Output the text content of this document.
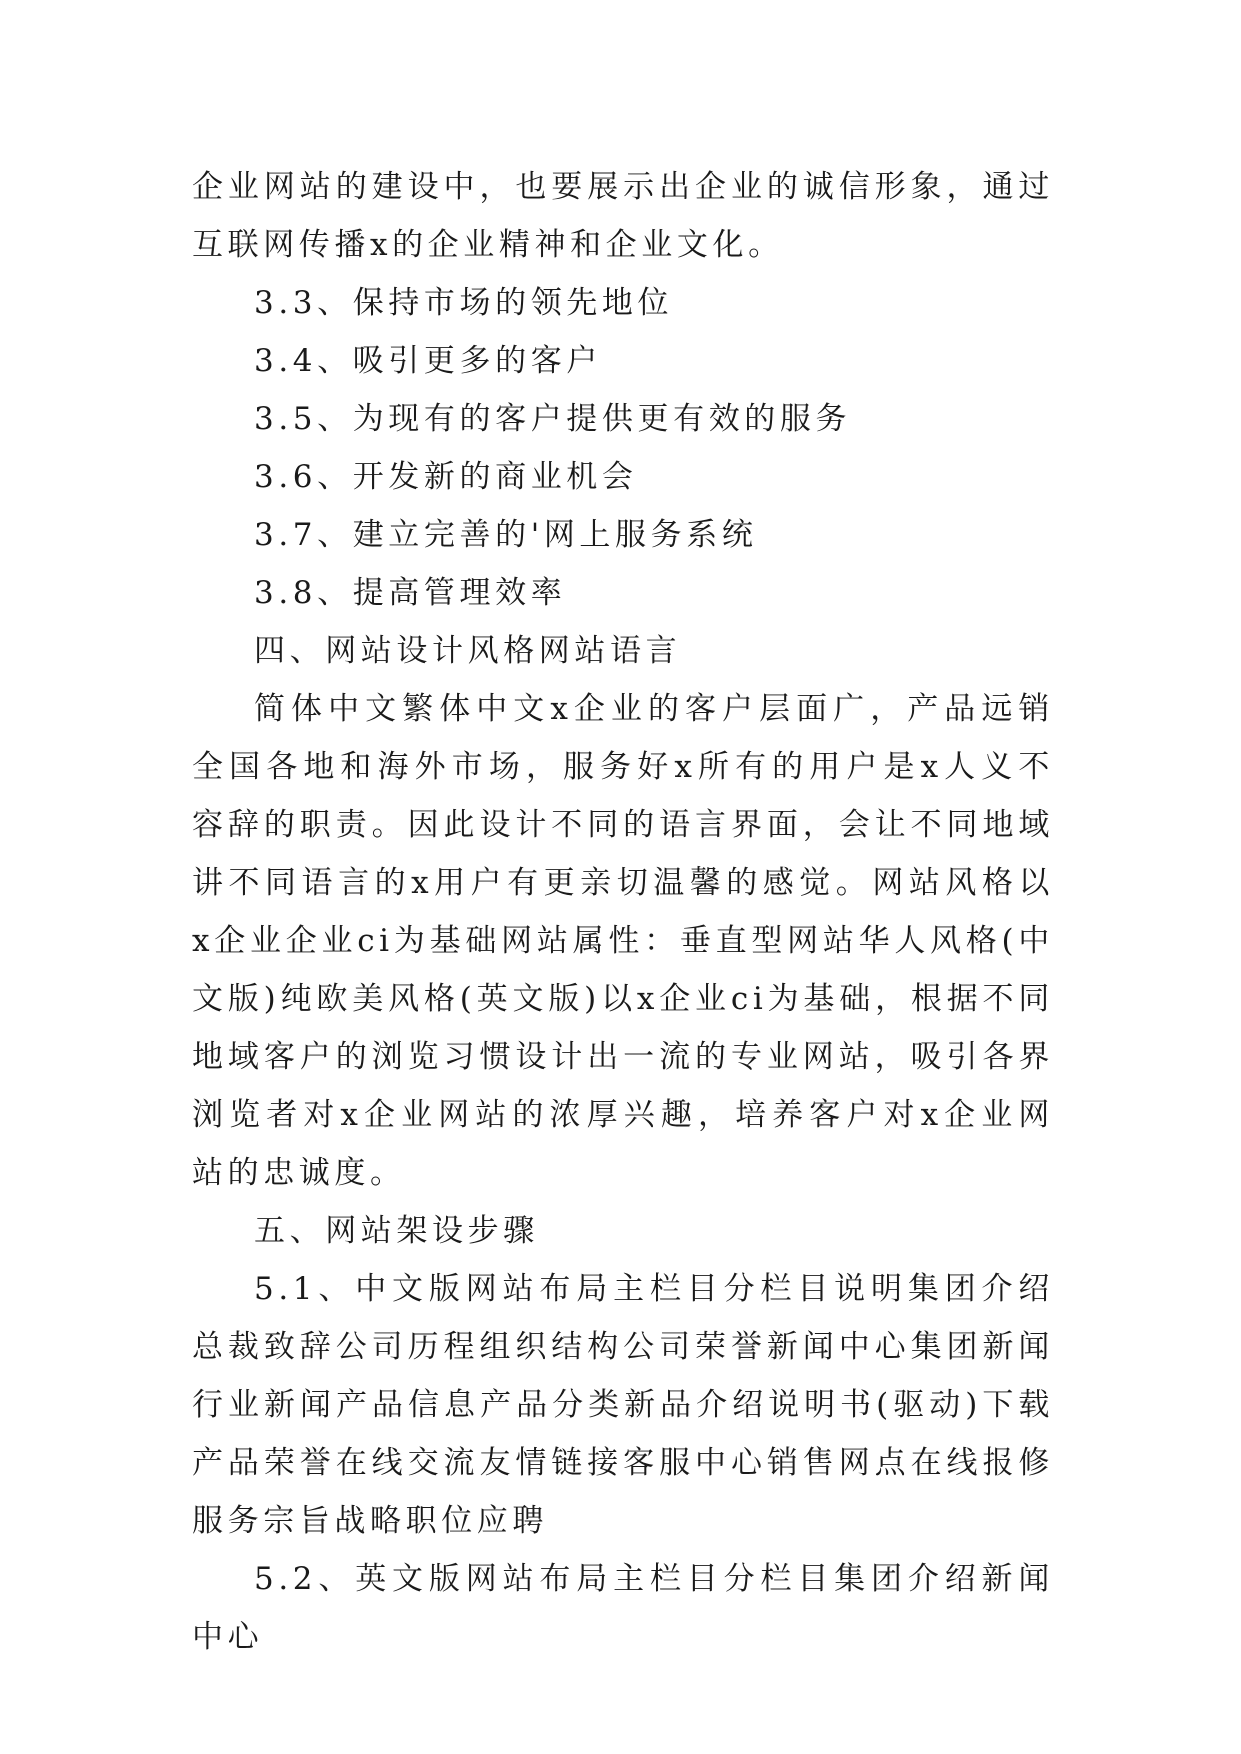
企业网站的建设中，也要展示出企业的诚信形象，通过互联网传播x的企业精神和企业文化。

3.3、保持市场的领先地位

3.4、吸引更多的客户

3.5、为现有的客户提供更有效的服务

3.6、开发新的商业机会

3.7、建立完善的'网上服务系统

3.8、提高管理效率

四、网站设计风格网站语言

简体中文繁体中文x企业的客户层面广，产品远销全国各地和海外市场，服务好x所有的用户是x人义不容辞的职责。因此设计不同的语言界面，会让不同地域讲不同语言的x用户有更亲切温馨的感觉。网站风格以x企业企业ci为基础网站属性：垂直型网站华人风格(中文版)纯欧美风格(英文版)以x企业ci为基础，根据不同地域客户的浏览习惯设计出一流的专业网站，吸引各界浏览者对x企业网站的浓厚兴趣，培养客户对x企业网站的忠诚度。

五、网站架设步骤

5.1、中文版网站布局主栏目分栏目说明集团介绍总裁致辞公司历程组织结构公司荣誉新闻中心集团新闻行业新闻产品信息产品分类新品介绍说明书(驱动)下载产品荣誉在线交流友情链接客服中心销售网点在线报修服务宗旨战略职位应聘

5.2、英文版网站布局主栏目分栏目集团介绍新闻中心
